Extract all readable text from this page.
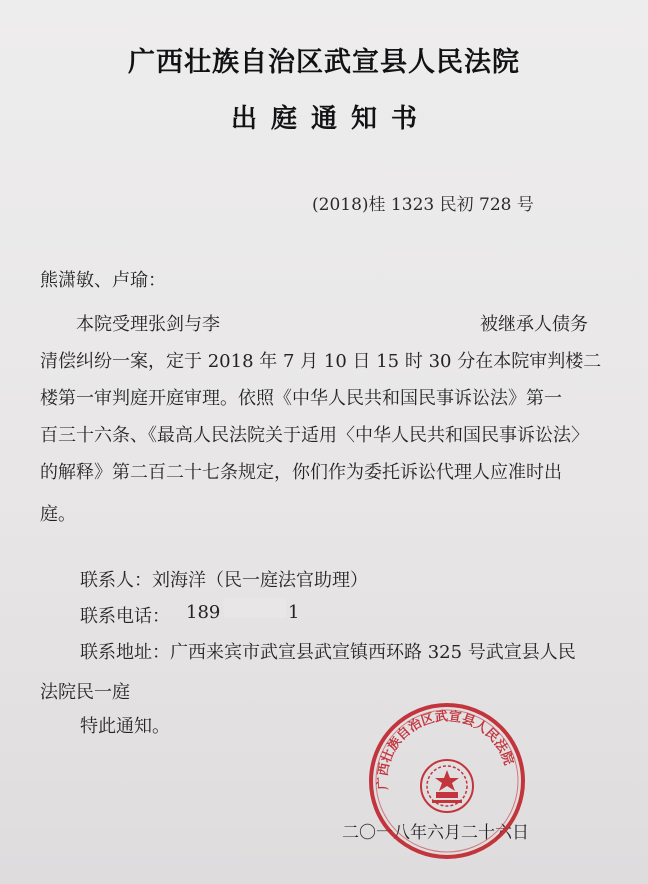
广西壮族自治区武宣县人民法院
出庭通知书
(2018)桂 1323 民初 728 号
熊潇敏、卢瑜：
本院受理张剑与李	被继承人债务
清偿纠纷一案，定于 2018 年 7 月 10 日 15 时 30 分在本院审判楼二
楼第一审判庭开庭审理。依照《中华人民共和国民事诉讼法》第一
百三十六条、《最高人民法院关于适用〈中华人民共和国民事诉讼法〉
的解释》第二百二十七条规定，你们作为委托诉讼代理人应准时出
庭。
联系人：刘海洋（民一庭法官助理）
联系电话： 189	1
联系地址：广西来宾市武宣县武宣镇西环路 325 号武宣县人民
法院民一庭
特此通知。
二〇一八年六月二十六日
广西壮族自治区武宣县人民法院
